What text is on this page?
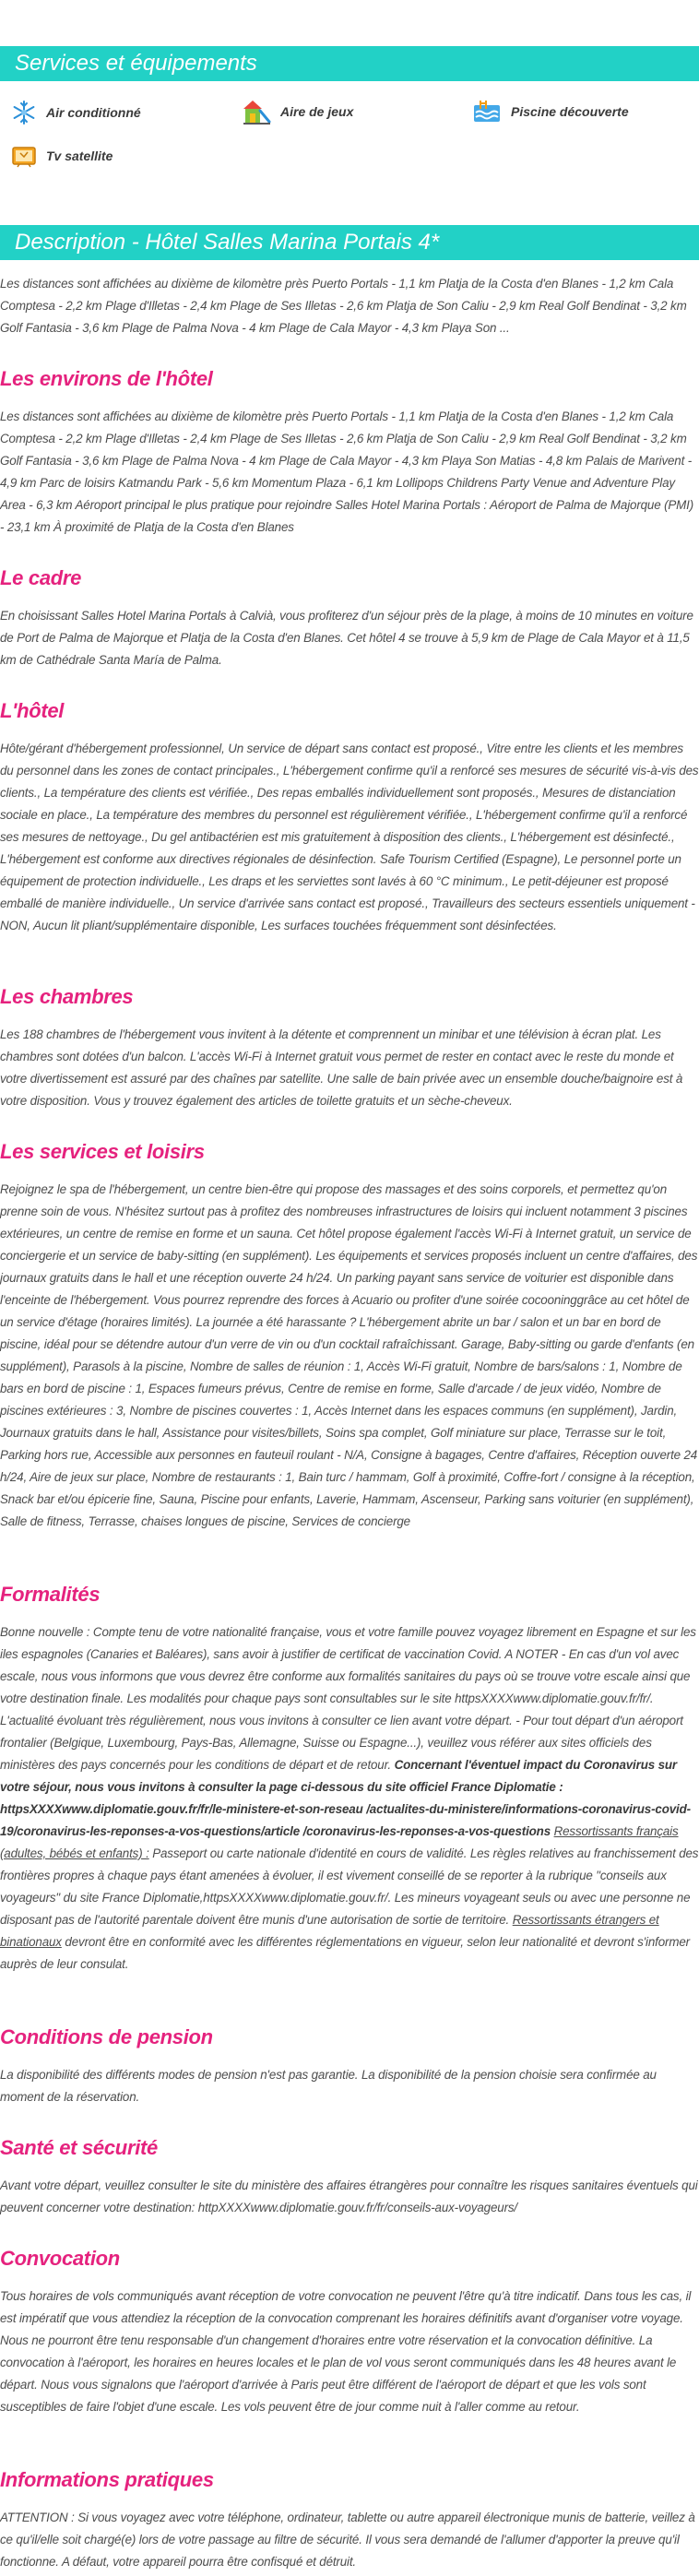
Services et équipements
Air conditionné	Aire de jeux	Piscine découverte
Tv satellite
Description - Hôtel Salles Marina Portais 4*
Les distances sont affichées au dixième de kilomètre près Puerto Portals - 1,1 km Platja de la Costa d'en Blanes - 1,2 km Cala Comptesa - 2,2 km Plage d'Illetas - 2,4 km Plage de Ses Illetas - 2,6 km Platja de Son Caliu - 2,9 km Real Golf Bendinat - 3,2 km Golf Fantasia - 3,6 km Plage de Palma Nova - 4 km Plage de Cala Mayor - 4,3 km Playa Son ...
Les environs de l'hôtel
Les distances sont affichées au dixième de kilomètre près Puerto Portals - 1,1 km Platja de la Costa d'en Blanes - 1,2 km Cala Comptesa - 2,2 km Plage d'Illetas - 2,4 km Plage de Ses Illetas - 2,6 km Platja de Son Caliu - 2,9 km Real Golf Bendinat - 3,2 km Golf Fantasia - 3,6 km Plage de Palma Nova - 4 km Plage de Cala Mayor - 4,3 km Playa Son Matias - 4,8 km Palais de Marivent - 4,9 km Parc de loisirs Katmandu Park - 5,6 km Momentum Plaza - 6,1 km Lollipops Childrens Party Venue and Adventure Play Area - 6,3 km Aéroport principal le plus pratique pour rejoindre Salles Hotel Marina Portals : Aéroport de Palma de Majorque (PMI) - 23,1 km À proximité de Platja de la Costa d'en Blanes
Le cadre
En choisissant Salles Hotel Marina Portals à Calvià, vous profiterez d'un séjour près de la plage, à moins de 10 minutes en voiture de Port de Palma de Majorque et Platja de la Costa d'en Blanes. Cet hôtel 4 se trouve à 5,9 km de Plage de Cala Mayor et à 11,5 km de Cathédrale Santa María de Palma.
L'hôtel
Hôte/gérant d'hébergement professionnel, Un service de départ sans contact est proposé., Vitre entre les clients et les membres du personnel dans les zones de contact principales., L'hébergement confirme qu'il a renforcé ses mesures de sécurité vis-à-vis des clients., La température des clients est vérifiée., Des repas emballés individuellement sont proposés., Mesures de distanciation sociale en place., La température des membres du personnel est régulièrement vérifiée., L'hébergement confirme qu'il a renforcé ses mesures de nettoyage., Du gel antibactérien est mis gratuitement à disposition des clients., L'hébergement est désinfecté., L'hébergement est conforme aux directives régionales de désinfection. Safe Tourism Certified (Espagne), Le personnel porte un équipement de protection individuelle., Les draps et les serviettes sont lavés à 60 °C minimum., Le petit-déjeuner est proposé emballé de manière individuelle., Un service d'arrivée sans contact est proposé., Travailleurs des secteurs essentiels uniquement - NON, Aucun lit pliant/supplémentaire disponible, Les surfaces touchées fréquemment sont désinfectées.
Les chambres
Les 188 chambres de l'hébergement vous invitent à la détente et comprennent un minibar et une télévision à écran plat. Les chambres sont dotées d'un balcon. L'accès Wi-Fi à Internet gratuit vous permet de rester en contact avec le reste du monde et votre divertissement est assuré par des chaînes par satellite. Une salle de bain privée avec un ensemble douche/baignoire est à votre disposition. Vous y trouvez également des articles de toilette gratuits et un sèche-cheveux.
Les services et loisirs
Rejoignez le spa de l'hébergement, un centre bien-être qui propose des massages et des soins corporels, et permettez qu'on prenne soin de vous. N'hésitez surtout pas à profitez des nombreuses infrastructures de loisirs qui incluent notamment 3 piscines extérieures, un centre de remise en forme et un sauna. Cet hôtel propose également l'accès Wi-Fi à Internet gratuit, un service de conciergerie et un service de baby-sitting (en supplément). Les équipements et services proposés incluent un centre d'affaires, des journaux gratuits dans le hall et une réception ouverte 24 h/24. Un parking payant sans service de voiturier est disponible dans l'enceinte de l'hébergement. Vous pourrez reprendre des forces à Acuario ou profiter d'une soirée cocooninggrâce au cet hôtel de un service d'étage (horaires limités). La journée a été harassante ? L'hébergement abrite un bar / salon et un bar en bord de piscine, idéal pour se détendre autour d'un verre de vin ou d'un cocktail rafraîchissant. Garage, Baby-sitting ou garde d'enfants (en supplément), Parasols à la piscine, Nombre de salles de réunion : 1, Accès Wi-Fi gratuit, Nombre de bars/salons : 1, Nombre de bars en bord de piscine : 1, Espaces fumeurs prévus, Centre de remise en forme, Salle d'arcade / de jeux vidéo, Nombre de piscines extérieures : 3, Nombre de piscines couvertes : 1, Accès Internet dans les espaces communs (en supplément), Jardin, Journaux gratuits dans le hall, Assistance pour visites/billets, Soins spa complet, Golf miniature sur place, Terrasse sur le toit, Parking hors rue, Accessible aux personnes en fauteuil roulant - N/A, Consigne à bagages, Centre d'affaires, Réception ouverte 24 h/24, Aire de jeux sur place, Nombre de restaurants : 1, Bain turc / hammam, Golf à proximité, Coffre-fort / consigne à la réception, Snack bar et/ou épicerie fine, Sauna, Piscine pour enfants, Laverie, Hammam, Ascenseur, Parking sans voiturier (en supplément), Salle de fitness, Terrasse, chaises longues de piscine, Services de concierge
Formalités
Bonne nouvelle : Compte tenu de votre nationalité française, vous et votre famille pouvez voyagez librement en Espagne et sur les iles espagnoles (Canaries et Baléares), sans avoir à justifier de certificat de vaccination Covid. A NOTER - En cas d'un vol avec escale, nous vous informons que vous devrez être conforme aux formalités sanitaires du pays où se trouve votre escale ainsi que votre destination finale. Les modalités pour chaque pays sont consultables sur le site httpsXXXXwww.diplomatie.gouv.fr/fr/. L'actualité évoluant très régulièrement, nous vous invitons à consulter ce lien avant votre départ. - Pour tout départ d'un aéroport frontalier (Belgique, Luxembourg, Pays-Bas, Allemagne, Suisse ou Espagne...), veuillez vous référer aux sites officiels des ministères des pays concernés pour les conditions de départ et de retour. Concernant l'éventuel impact du Coronavirus sur votre séjour, nous vous invitons à consulter la page ci-dessous du site officiel France Diplomatie : httpsXXXXwww.diplomatie.gouv.fr/fr/le-ministere-et-son-reseau /actualites-du-ministere/informations-coronavirus-covid-19/coronavirus-les-reponses-a-vos-questions/article /coronavirus-les-reponses-a-vos-questions Ressortissants français (adultes, bébés et enfants) : Passeport ou carte nationale d'identité en cours de validité. Les règles relatives au franchissement des frontières propres à chaque pays étant amenées à évoluer, il est vivement conseillé de se reporter à la rubrique "conseils aux voyageurs" du site France Diplomatie,httpsXXXXwww.diplomatie.gouv.fr/. Les mineurs voyageant seuls ou avec une personne ne disposant pas de l'autorité parentale doivent être munis d'une autorisation de sortie de territoire. Ressortissants étrangers et binationaux devront être en conformité avec les différentes réglementations en vigueur, selon leur nationalité et devront s'informer auprès de leur consulat.
Conditions de pension
La disponibilité des différents modes de pension n'est pas garantie. La disponibilité de la pension choisie sera confirmée au moment de la réservation.
Santé et sécurité
Avant votre départ, veuillez consulter le site du ministère des affaires étrangères pour connaître les risques sanitaires éventuels qui peuvent concerner votre destination: httpXXXXwww.diplomatie.gouv.fr/fr/conseils-aux-voyageurs/
Convocation
Tous horaires de vols communiqués avant réception de votre convocation ne peuvent l'être qu'à titre indicatif. Dans tous les cas, il est impératif que vous attendiez la réception de la convocation comprenant les horaires définitifs avant d'organiser votre voyage. Nous ne pourront être tenu responsable d'un changement d'horaires entre votre réservation et la convocation définitive. La convocation à l'aéroport, les horaires en heures locales et le plan de vol vous seront communiqués dans les 48 heures avant le départ. Nous vous signalons que l'aéroport d'arrivée à Paris peut être différent de l'aéroport de départ et que les vols sont susceptibles de faire l'objet d'une escale. Les vols peuvent être de jour comme nuit à l'aller comme au retour.
Informations pratiques
ATTENTION : Si vous voyagez avec votre téléphone, ordinateur, tablette ou autre appareil électronique munis de batterie, veillez à ce qu'il/elle soit chargé(e) lors de votre passage au filtre de sécurité. Il vous sera demandé de l'allumer d'apporter la preuve qu'il fonctionne. A défaut, votre appareil pourra être confisqué et détruit.
